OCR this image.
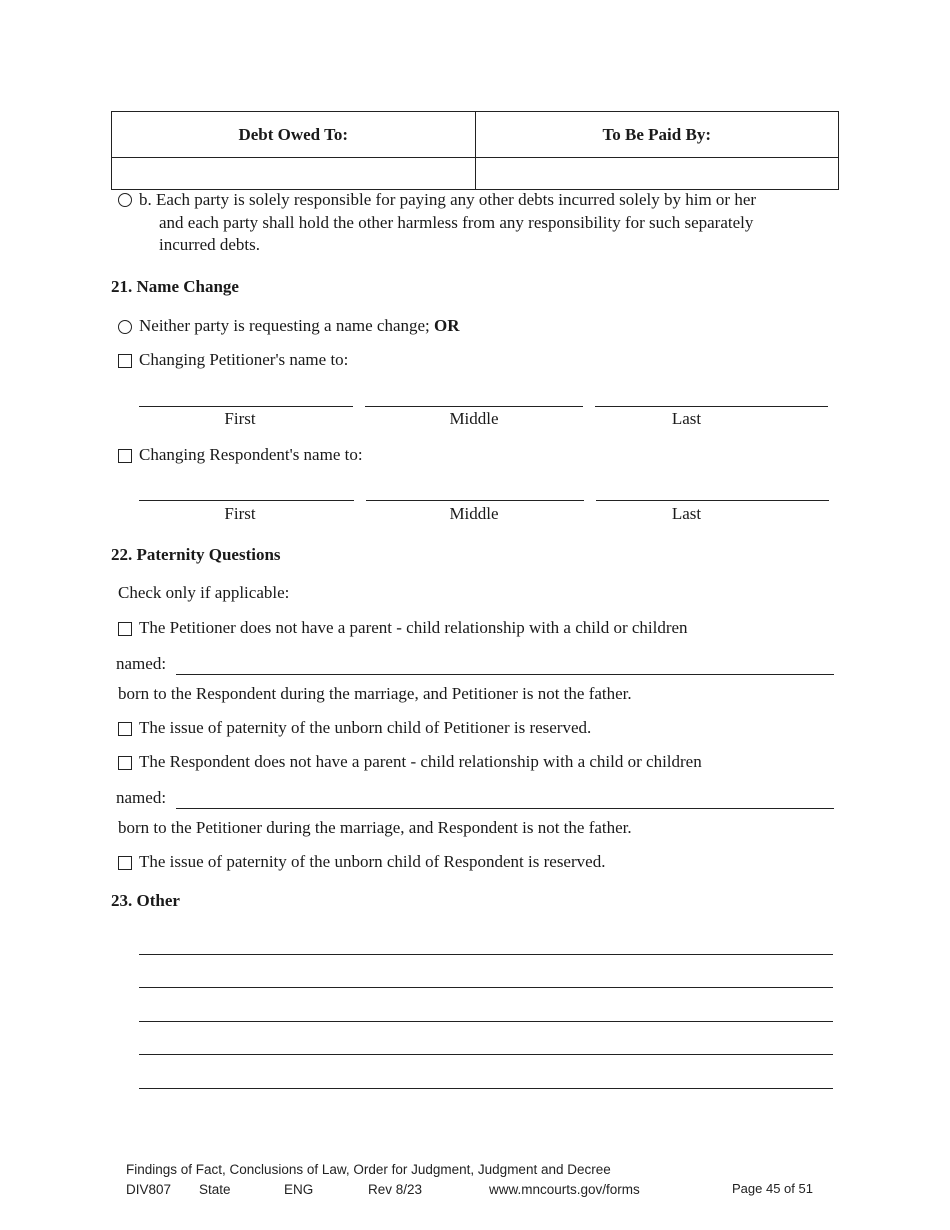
Debt Owed To:	To Be Paid By:

b. Each party is solely responsible for paying any other debts incurred solely by him or her
and each party shall hold the other harmless from any responsibility for such separately
incurred debts.
21. Name Change
Neither party is requesting a name change; OR
Changing Petitioner's name to:
First	Middle	Last
Changing Respondent's name to:
First	Middle	Last
22. Paternity Questions
Check only if applicable:
The Petitioner does not have a parent - child relationship with a child or children
named:
born to the Respondent during the marriage, and Petitioner is not the father.
The issue of paternity of the unborn child of Petitioner is reserved.
The Respondent does not have a parent - child relationship with a child or children
named:
born to the Petitioner during the marriage, and Respondent is not the father.
The issue of paternity of the unborn child of Respondent is reserved.
23. Other
Findings of Fact, Conclusions of Law, Order for Judgment, Judgment and Decree
DIV807 State	ENG	Rev 8/23	www.mncourts.gov/forms	Page 45 of 51
